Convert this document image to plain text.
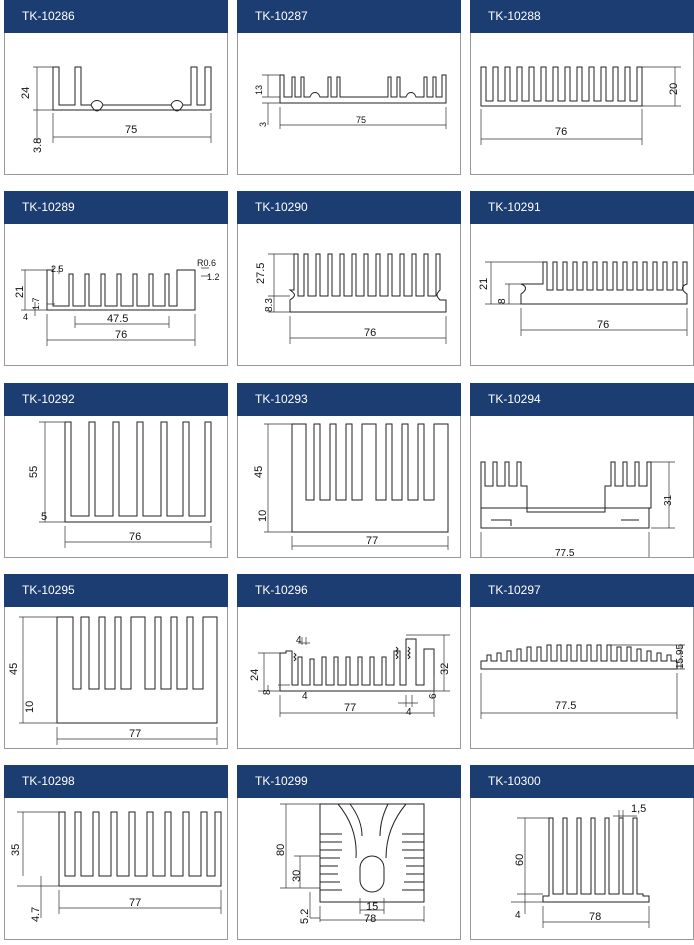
TK-10286
24
3.8
75
TK-10287
13
3	75
TK-10288
20
76
TK-10289
21
2.5
R0.6
1.2
1.7
4	47.5
76
TK-10290
27.5
8.3
76
TK-10291
21
8
76
TK-10292
55
5
76
TK-10293
45
10
77
TK-10294
31
77.5
TK-10295
45
10
77
TK-10296
4
24
8	4
32
6
77	4
TK-10297
15.95
77.5
TK-10298
35
4.7
77
TK-10299
80
30
5.2
15
78
TK-10300
1,5
60
4	78
